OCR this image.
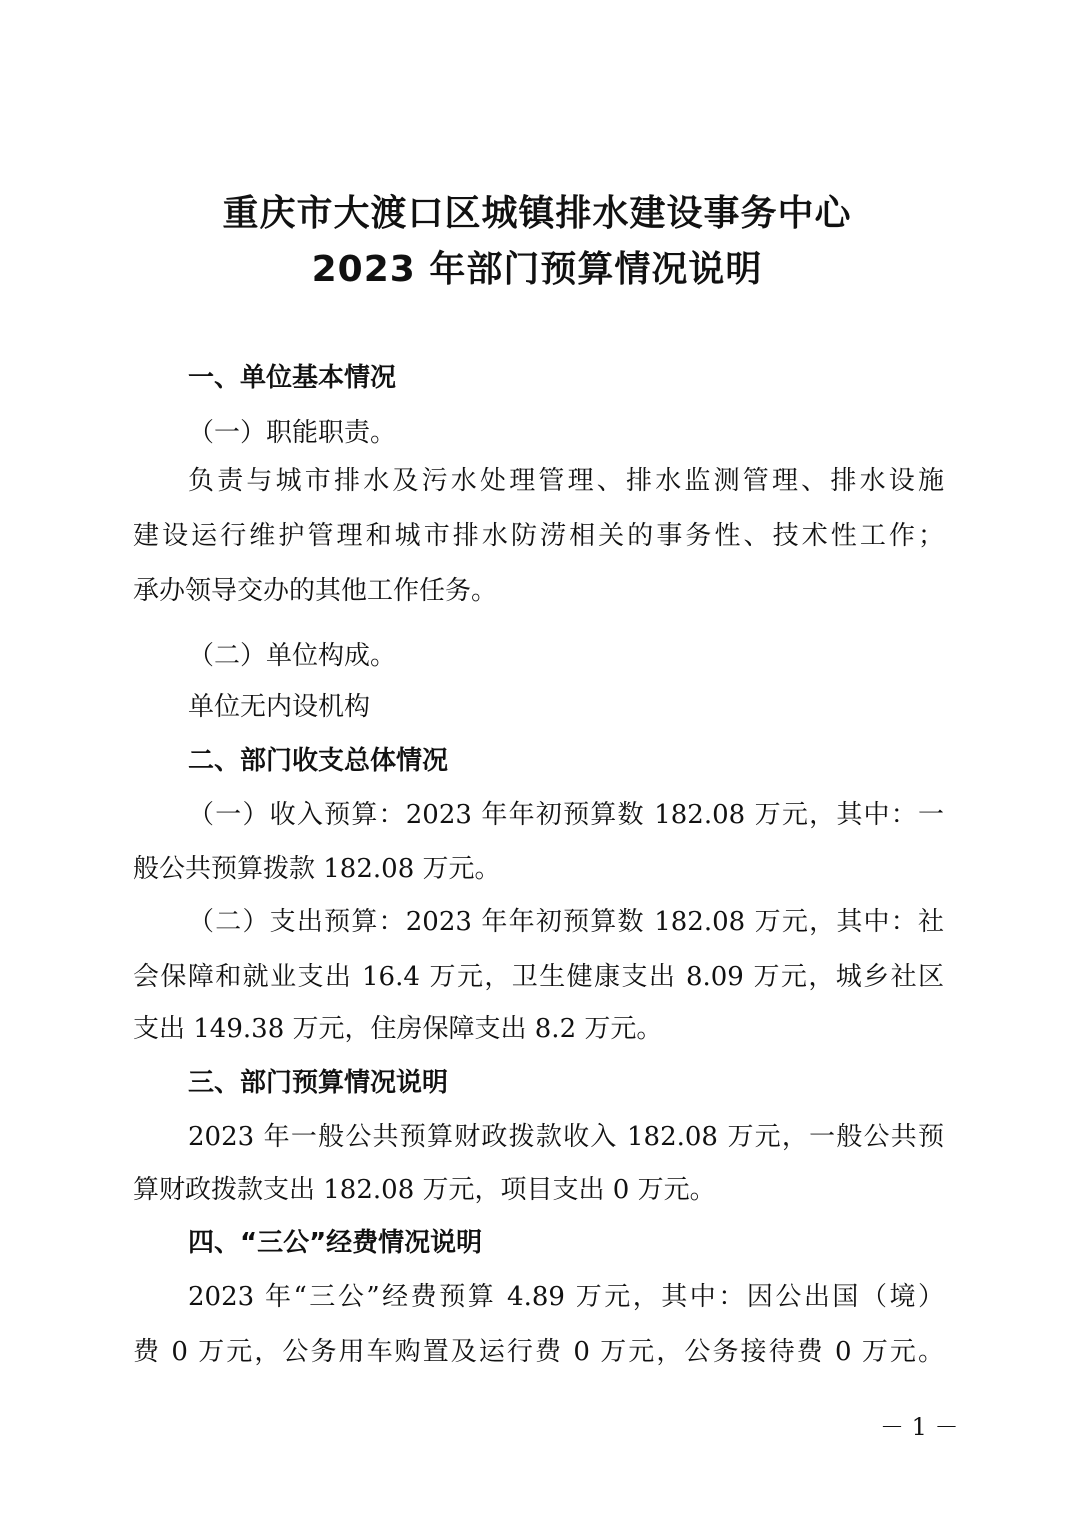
重庆市大渡口区城镇排水建设事务中心
2023 年部门预算情况说明
一、单位基本情况
（一）职能职责。
负责与城市排水及污水处理管理、排水监测管理、排水设施
建设运行维护管理和城市排水防涝相关的事务性、技术性工作；
承办领导交办的其他工作任务。
（二）单位构成。
单位无内设机构
二、部门收支总体情况
（一）收入预算：2023 年年初预算数 182.08 万元，其中：一
般公共预算拨款 182.08 万元。
（二）支出预算：2023 年年初预算数 182.08 万元，其中：社
会保障和就业支出 16.4 万元，卫生健康支出 8.09 万元，城乡社区
支出 149.38 万元，住房保障支出 8.2 万元。
三、部门预算情况说明
2023 年一般公共预算财政拨款收入 182.08 万元，一般公共预
算财政拨款支出 182.08 万元，项目支出 0 万元。
四、“三公”经费情况说明
2023 年“三公”经费预算 4.89 万元，其中：因公出国（境）
费 0 万元，公务用车购置及运行费 0 万元，公务接待费 0 万元。
－ 1 －
